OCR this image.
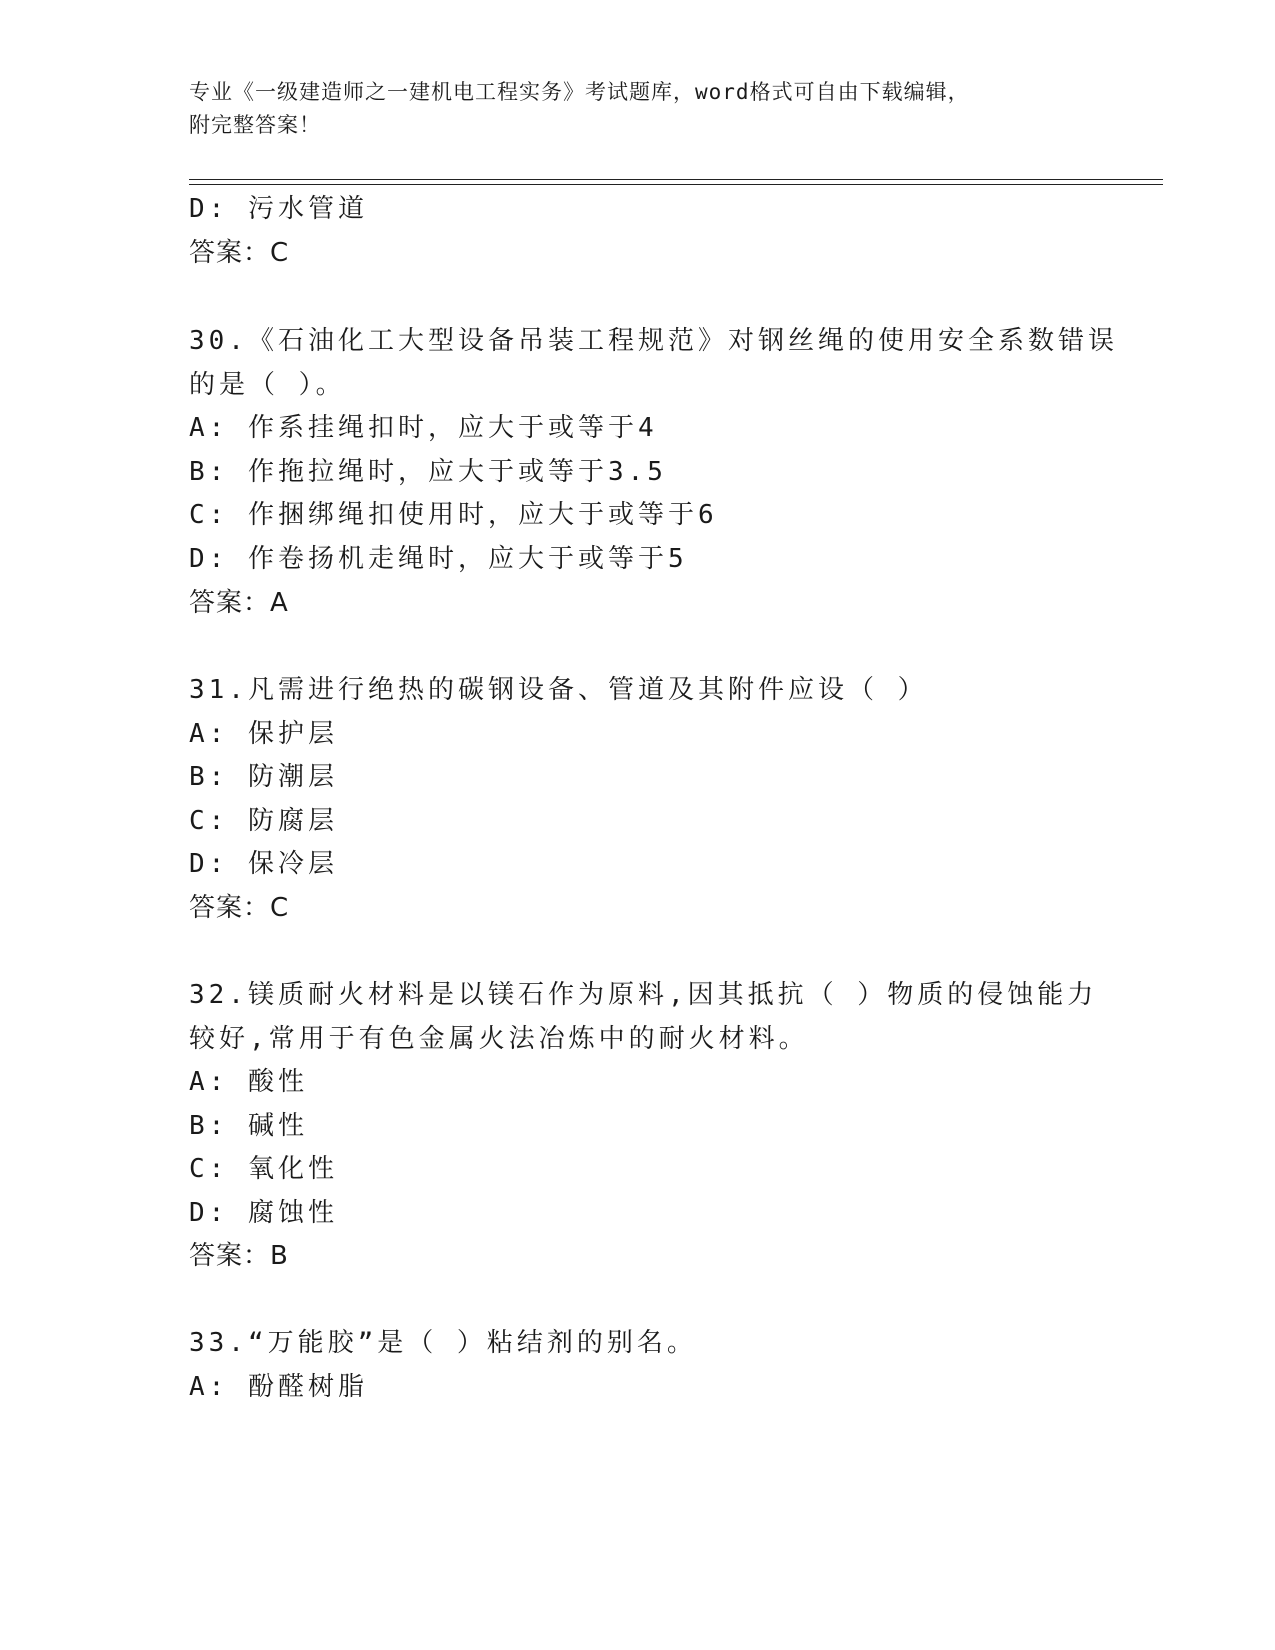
专业《一级建造师之一建机电工程实务》考试题库，word格式可自由下载编辑，
附完整答案！
D: 污水管道
答案：C
30.《石油化工大型设备吊装工程规范》对钢丝绳的使用安全系数错误
的是（ ）。
A: 作系挂绳扣时，应大于或等于4
B: 作拖拉绳时，应大于或等于3.5
C: 作捆绑绳扣使用时，应大于或等于6
D: 作卷扬机走绳时，应大于或等于5
答案：A
31.凡需进行绝热的碳钢设备、管道及其附件应设（ ）
A: 保护层
B: 防潮层
C: 防腐层
D: 保冷层
答案：C
32.镁质耐火材料是以镁石作为原料,因其抵抗（ ）物质的侵蚀能力
较好,常用于有色金属火法冶炼中的耐火材料。
A: 酸性
B: 碱性
C: 氧化性
D: 腐蚀性
答案：B
33.“万能胶”是（ ）粘结剂的别名。
A: 酚醛树脂
